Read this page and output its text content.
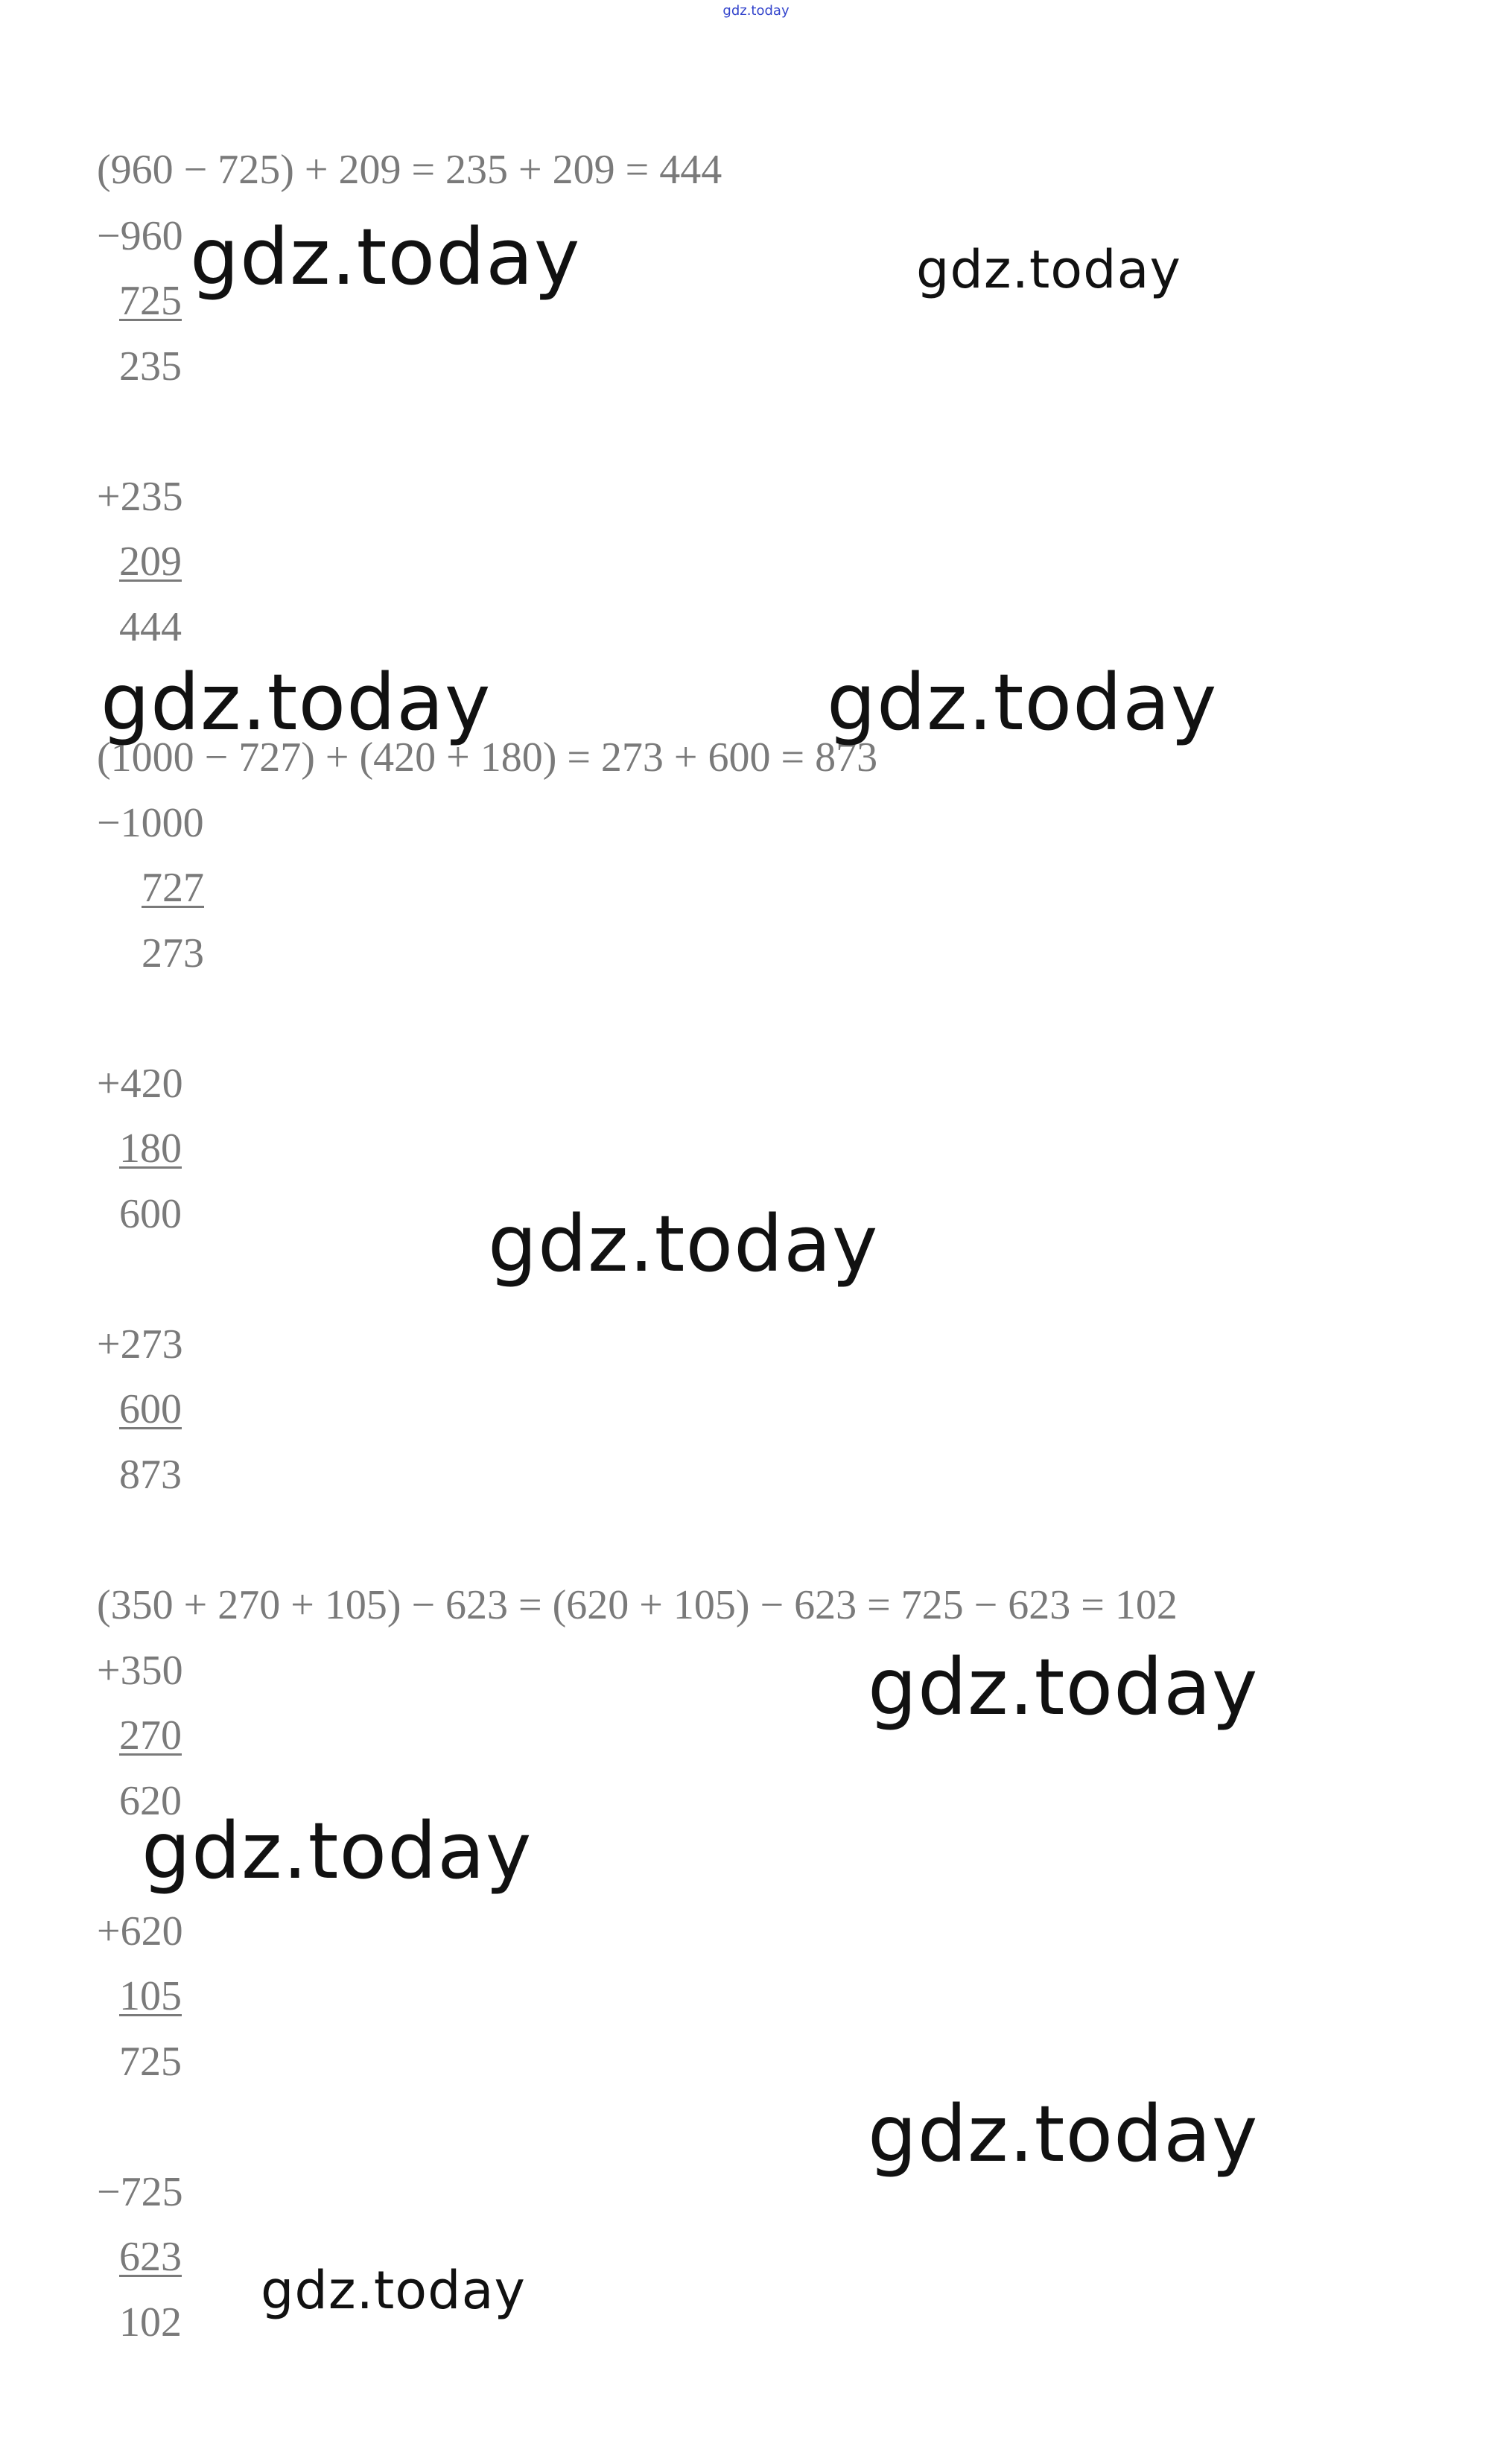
gdz.today
(960 − 725) + 209 = 235 + 209 = 444
−960
725
235
+235
209
444
(1000 − 727) + (420 + 180) = 273 + 600 = 873
−1000
727
273
+420
180
600
+273
600
873
(350 + 270 + 105) − 623 = (620 + 105) − 623 = 725 − 623 = 102
+350
270
620
+620
105
725
−725
623
102
gdz.today	gdz.today
gdz.today	gdz.today
gdz.today
gdz.today
gdz.today
gdz.today
gdz.today
